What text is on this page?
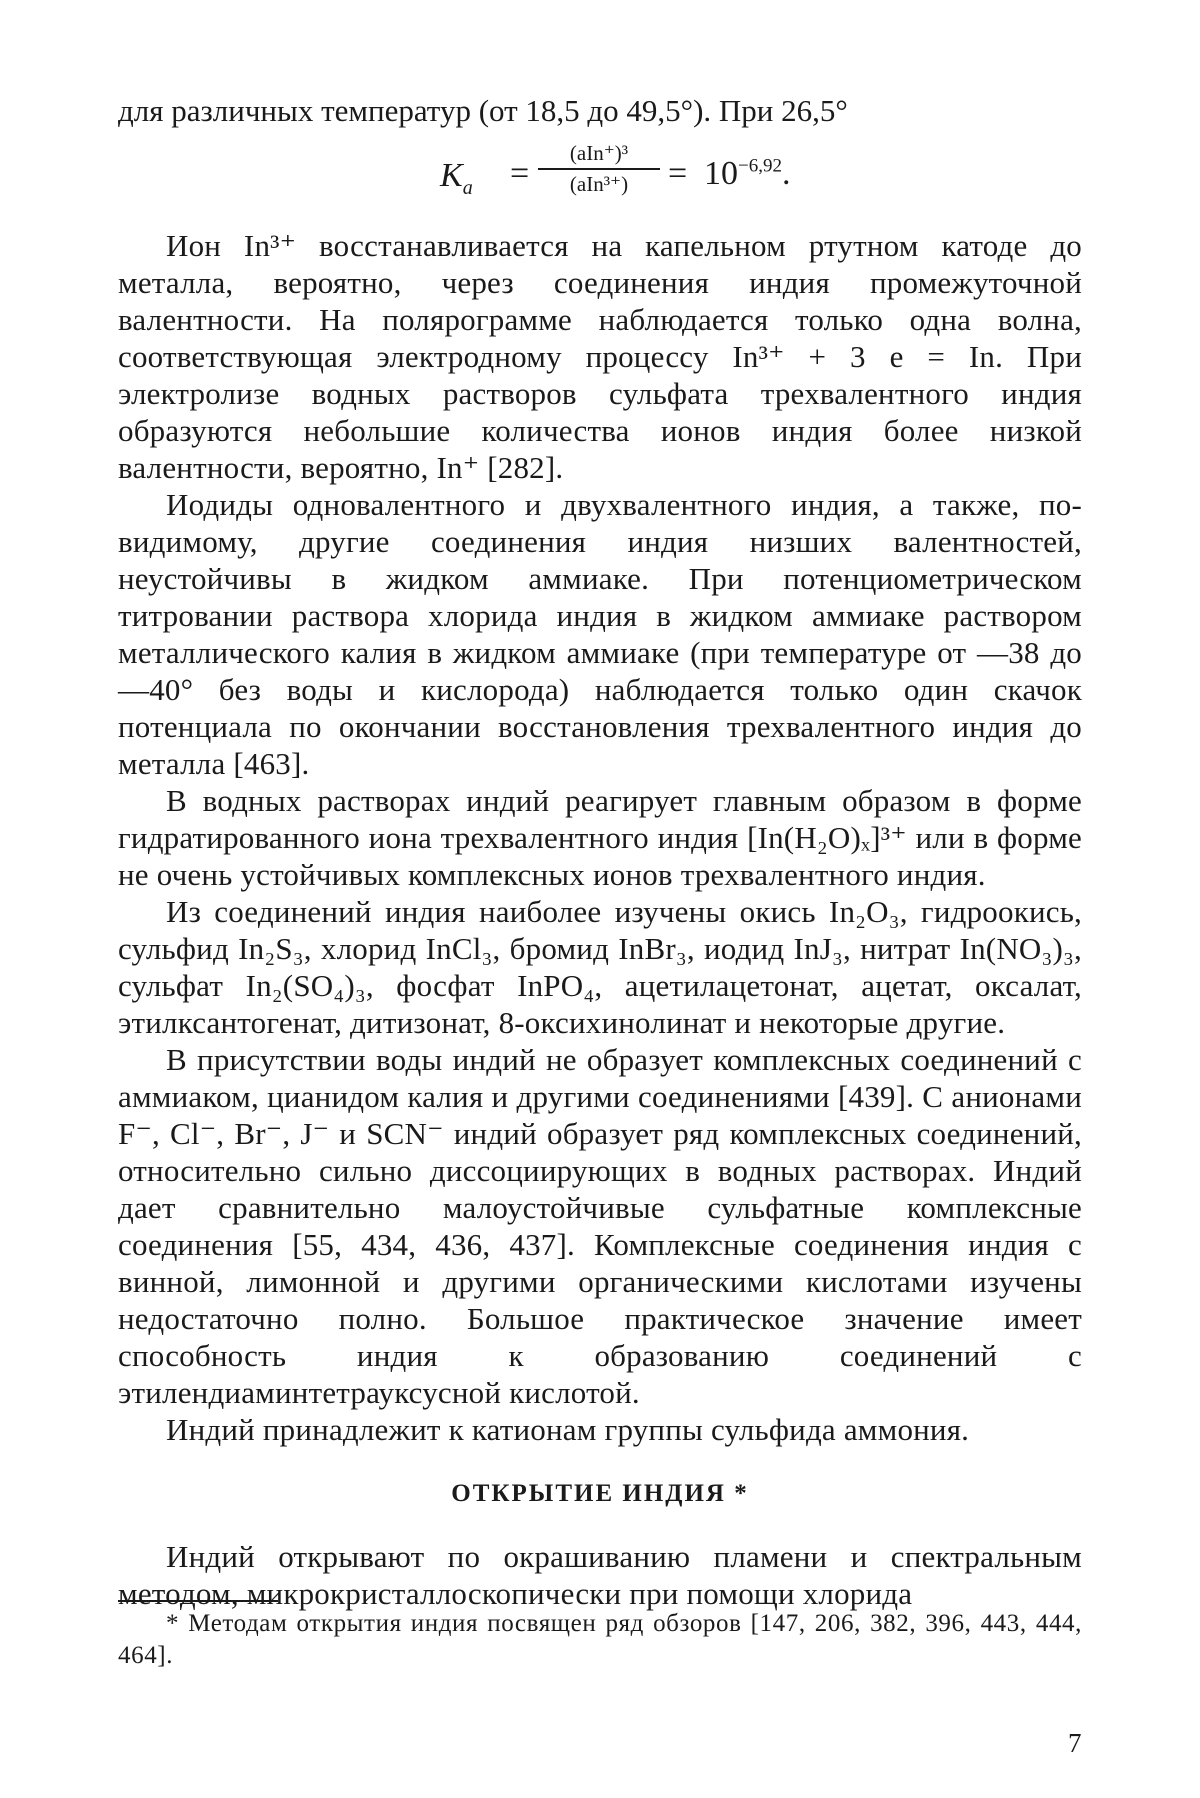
для различных температур (от 18,5 до 49,5°). При 26,5°
$K_a$ =
(aIn⁺)³
(aIn³⁺)	= $10^{-6,92}$.

Ион In³⁺ восстанавливается на капельном ртутном катоде до металла, вероятно, через соединения индия промежуточной валентности. На полярограмме наблюдается только одна волна, соответствующая электродному процессу In³⁺ + 3 e = In. При электролизе водных растворов сульфата трехвалентного индия образуются небольшие количества ионов индия более низкой валентности, вероятно, In⁺ [282].

Иодиды одновалентного и двухвалентного индия, а также, по-видимому, другие соединения индия низших валентностей, неустойчивы в жидком аммиаке. При потенциометрическом титровании раствора хлорида индия в жидком аммиаке раствором металлического калия в жидком аммиаке (при температуре от —38 до —40° без воды и кислорода) наблюдается только один скачок потенциала по окончании восстановления трехвалентного индия до металла [463].

В водных растворах индий реагирует главным образом в форме гидратированного иона трехвалентного индия [In(H₂O)ₓ]³⁺ или в форме не очень устойчивых комплексных ионов трехвалентного индия.

Из соединений индия наиболее изучены окись In₂O₃, гидроокись, сульфид In₂S₃, хлорид InCl₃, бромид InBr₃, иодид InJ₃, нитрат In(NO₃)₃, сульфат In₂(SO₄)₃, фосфат InPO₄, ацетилацетонат, ацетат, оксалат, этилксантогенат, дитизонат, 8-оксихинолинат и некоторые другие.

В присутствии воды индий не образует комплексных соединений с аммиаком, цианидом калия и другими соединениями [439]. С анионами F⁻, Cl⁻, Br⁻, J⁻ и SCN⁻ индий образует ряд комплексных соединений, относительно сильно диссоциирующих в водных растворах. Индий дает сравнительно малоустойчивые сульфатные комплексные соединения [55, 434, 436, 437]. Комплексные соединения индия с винной, лимонной и другими органическими кислотами изучены недостаточно полно. Большое практическое значение имеет способность индия к образованию соединений с этилендиаминтетрауксусной кислотой.

Индий принадлежит к катионам группы сульфида аммония.

ОТКРЫТИЕ ИНДИЯ *

Индий открывают по окрашиванию пламени и спектральным методом, микрокристаллоскопически при помощи хлорида

* Методам открытия индия посвящен ряд обзоров [147, 206, 382, 396, 443, 444, 464].
7
